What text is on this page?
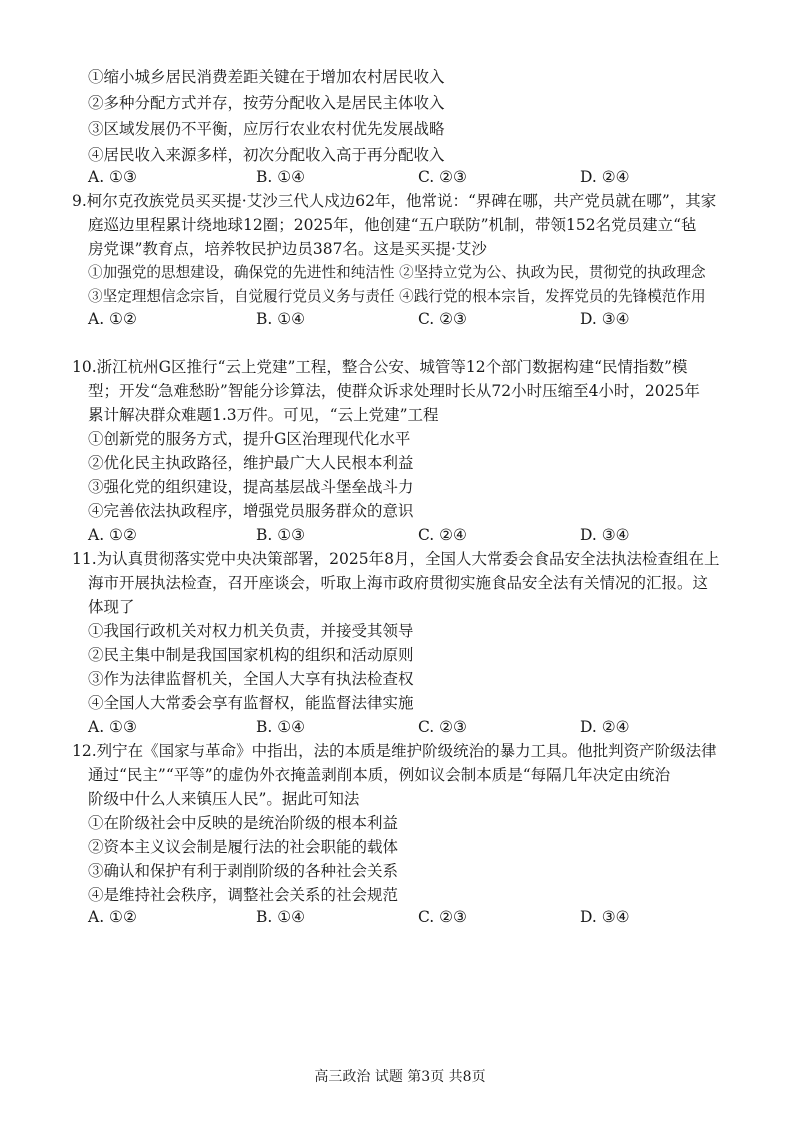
①缩小城乡居民消费差距关键在于增加农村居民收入
②多种分配方式并存，按劳分配收入是居民主体收入
③区域发展仍不平衡，应厉行农业农村优先发展战略
④居民收入来源多样，初次分配收入高于再分配收入
A. ①③	B. ①④	C. ②③	D. ②④
9.柯尔克孜族党员买买提·艾沙三代人戍边62年，他常说：“界碑在哪，共产党员就在哪”，其家
庭巡边里程累计绕地球12圈；2025年，他创建“五户联防”机制，带领152名党员建立“毡
房党课”教育点，培养牧民护边员387名。这是买买提·艾沙
①加强党的思想建设，确保党的先进性和纯洁性 ②坚持立党为公、执政为民，贯彻党的执政理念
③坚定理想信念宗旨，自觉履行党员义务与责任 ④践行党的根本宗旨，发挥党员的先锋模范作用
A. ①②	B. ①④	C. ②③	D. ③④
10.浙江杭州G区推行“云上党建”工程，整合公安、城管等12个部门数据构建“民情指数”模
型；开发“急难愁盼”智能分诊算法，使群众诉求处理时长从72小时压缩至4小时，2025年
累计解决群众难题1.3万件。可见，“云上党建”工程
①创新党的服务方式，提升G区治理现代化水平
②优化民主执政路径，维护最广大人民根本利益
③强化党的组织建设，提高基层战斗堡垒战斗力
④完善依法执政程序，增强党员服务群众的意识
A. ①②	B. ①③	C. ②④	D. ③④
11.为认真贯彻落实党中央决策部署，2025年8月，全国人大常委会食品安全法执法检查组在上
海市开展执法检查，召开座谈会，听取上海市政府贯彻实施食品安全法有关情况的汇报。这
体现了
①我国行政机关对权力机关负责，并接受其领导
②民主集中制是我国国家机构的组织和活动原则
③作为法律监督机关，全国人大享有执法检查权
④全国人大常委会享有监督权，能监督法律实施
A. ①③	B. ①④	C. ②③	D. ②④
12.列宁在《国家与革命》中指出，法的本质是维护阶级统治的暴力工具。他批判资产阶级法律
通过“民主”“平等”的虚伪外衣掩盖剥削本质，例如议会制本质是“每隔几年决定由统治
阶级中什么人来镇压人民”。据此可知法
①在阶级社会中反映的是统治阶级的根本利益
②资本主义议会制是履行法的社会职能的载体
③确认和保护有利于剥削阶级的各种社会关系
④是维持社会秩序，调整社会关系的社会规范
A. ①②	B. ①④	C. ②③	D. ③④
高三政治 试题 第3页 共8页
